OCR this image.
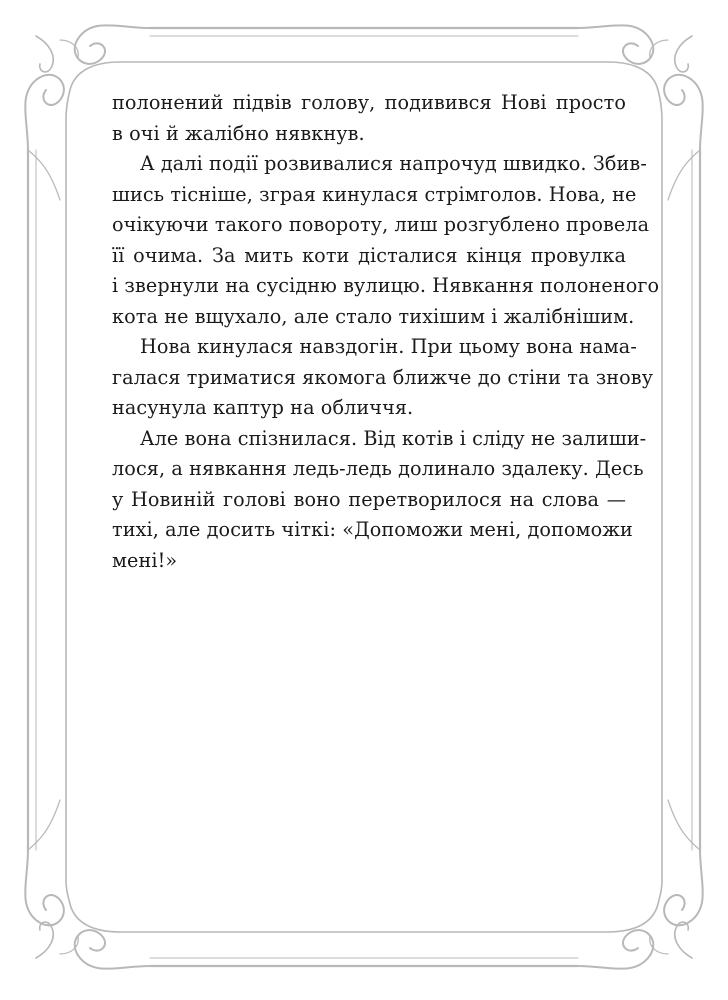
полонений підвів голову, подивився Нові просто
в очі й жалібно нявкнув.
А далі події розвивалися напрочуд швидко. Збив-
шись тісніше, зграя кинулася стрімголов. Нова, не
очікуючи такого повороту, лиш розгублено провела
її очима. За мить коти дісталися кінця провулка
і звернули на сусідню вулицю. Нявкання полоненого
кота не вщухало, але стало тихішим і жалібнішим.
Нова кинулася навздогін. При цьому вона нама-
галася триматися якомога ближче до стіни та знову
насунула каптур на обличчя.
Але вона спізнилася. Від котів і сліду не залиши-
лося, а нявкання ледь-ледь долинало здалеку. Десь
у Новиній голові воно перетворилося на слова —
тихі, але досить чіткі: «Допоможи мені, допоможи
мені!»
